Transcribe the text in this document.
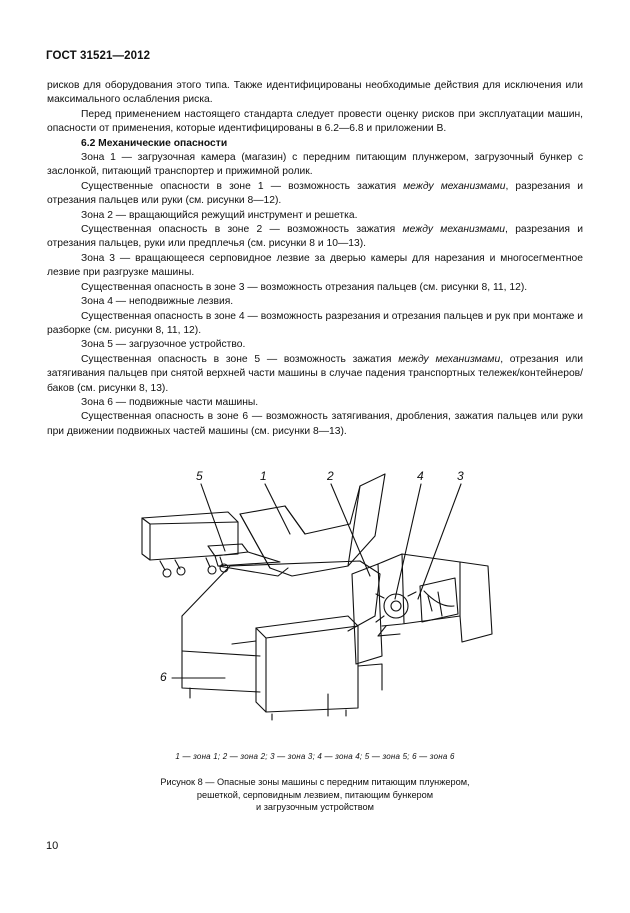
ГОСТ 31521—2012

рисков для оборудования этого типа. Также идентифицированы необходимые действия для исключения или максимального ослабления риска.

Перед применением настоящего стандарта следует провести оценку рисков при эксплуатации машин, опасности от применения, которые идентифицированы в 6.2—6.8 и приложении В.

6.2 Механические опасности

Зона 1 — загрузочная камера (магазин) с передним питающим плунжером, загрузочный бункер с заслонкой, питающий транспортер и прижимной ролик.

Существенные опасности в зоне 1 — возможность зажатия между механизмами, разрезания и отрезания пальцев или руки (см. рисунки 8—12).

Зона 2 — вращающийся режущий инструмент и решетка.

Существенная опасность в зоне 2 — возможность зажатия между механизмами, разрезания и отрезания пальцев, руки или предплечья (см. рисунки 8 и 10—13).

Зона 3 — вращающееся серповидное лезвие за дверью камеры для нарезания и многосегментное лезвие при разгрузке машины.

Существенная опасность в зоне 3 — возможность отрезания пальцев (см. рисунки 8, 11, 12).

Зона 4 — неподвижные лезвия.

Существенная опасность в зоне 4 — возможность разрезания и отрезания пальцев и рук при монтаже и разборке (см. рисунки 8, 11, 12).

Зона 5 — загрузочное устройство.

Существенная опасность в зоне 5 — возможность зажатия между механизмами, отрезания или затягивания пальцев при снятой верхней части машины в случае падения транспортных тележек/контейнеров/баков (см. рисунки 8, 13).

Зона 6 — подвижные части машины.

Существенная опасность в зоне 6 — возможность затягивания, дробления, зажатия пальцев или руки при движении подвижных частей машины (см. рисунки 8—13).

5	1	2	4	3
6
1 — зона 1; 2 — зона 2; 3 — зона 3; 4 — зона 4; 5 — зона 5; 6 — зона 6
Рисунок 8 — Опасные зоны машины с передним питающим плунжером,
решеткой, серповидным лезвием, питающим бункером
и загрузочным устройством
10
